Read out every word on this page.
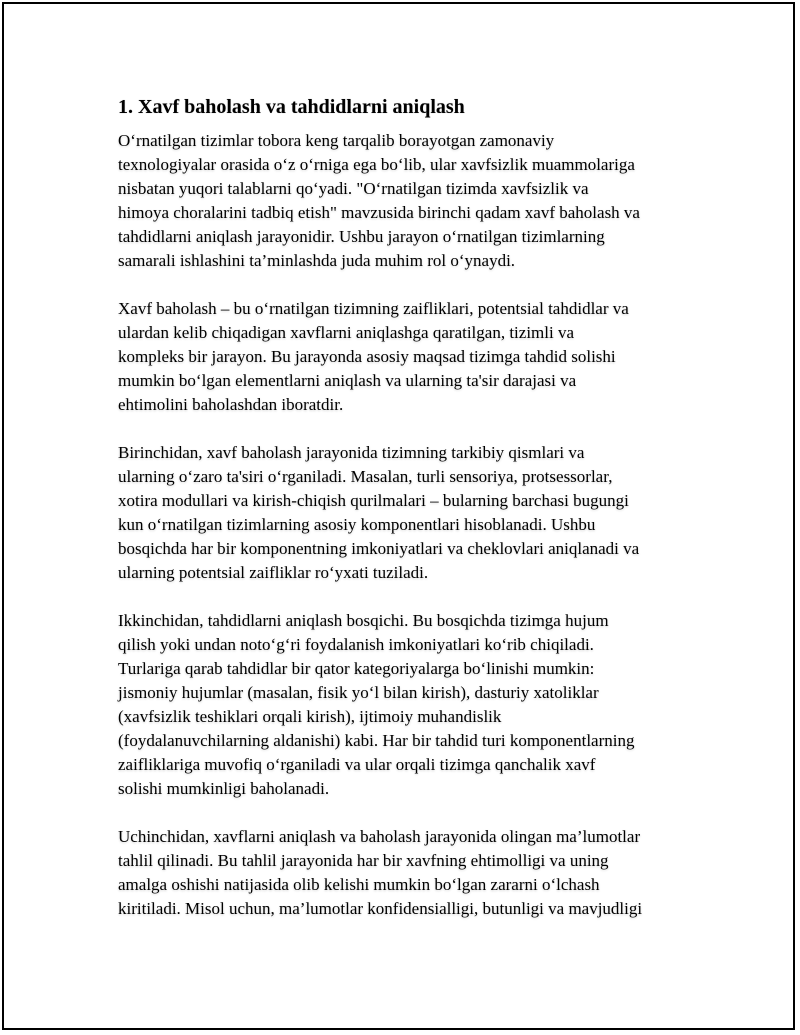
1. Xavf baholash va tahdidlarni aniqlash
O‘rnatilgan tizimlar tobora keng tarqalib borayotgan zamonaviy
texnologiyalar orasida o‘z o‘rniga ega bo‘lib, ular xavfsizlik muammolariga
nisbatan yuqori talablarni qo‘yadi. "O‘rnatilgan tizimda xavfsizlik va
himoya choralarini tadbiq etish" mavzusida birinchi qadam xavf baholash va
tahdidlarni aniqlash jarayonidir. Ushbu jarayon o‘rnatilgan tizimlarning
samarali ishlashini ta’minlashda juda muhim rol o‘ynaydi.
Xavf baholash – bu o‘rnatilgan tizimning zaifliklari, potentsial tahdidlar va
ulardan kelib chiqadigan xavflarni aniqlashga qaratilgan, tizimli va
kompleks bir jarayon. Bu jarayonda asosiy maqsad tizimga tahdid solishi
mumkin bo‘lgan elementlarni aniqlash va ularning ta'sir darajasi va
ehtimolini baholashdan iboratdir.
Birinchidan, xavf baholash jarayonida tizimning tarkibiy qismlari va
ularning o‘zaro ta'siri o‘rganiladi. Masalan, turli sensoriya, protsessorlar,
xotira modullari va kirish-chiqish qurilmalari – bularning barchasi bugungi
kun o‘rnatilgan tizimlarning asosiy komponentlari hisoblanadi. Ushbu
bosqichda har bir komponentning imkoniyatlari va cheklovlari aniqlanadi va
ularning potentsial zaifliklar ro‘yxati tuziladi.
Ikkinchidan, tahdidlarni aniqlash bosqichi. Bu bosqichda tizimga hujum
qilish yoki undan noto‘g‘ri foydalanish imkoniyatlari ko‘rib chiqiladi.
Turlariga qarab tahdidlar bir qator kategoriyalarga bo‘linishi mumkin:
jismoniy hujumlar (masalan, fisik yo‘l bilan kirish), dasturiy xatoliklar
(xavfsizlik teshiklari orqali kirish), ijtimoiy muhandislik
(foydalanuvchilarning aldanishi) kabi. Har bir tahdid turi komponentlarning
zaifliklariga muvofiq o‘rganiladi va ular orqali tizimga qanchalik xavf
solishi mumkinligi baholanadi.
Uchinchidan, xavflarni aniqlash va baholash jarayonida olingan ma’lumotlar
tahlil qilinadi. Bu tahlil jarayonida har bir xavfning ehtimolligi va uning
amalga oshishi natijasida olib kelishi mumkin bo‘lgan zararni o‘lchash
kiritiladi. Misol uchun, ma’lumotlar konfidensialligi, butunligi va mavjudligi
